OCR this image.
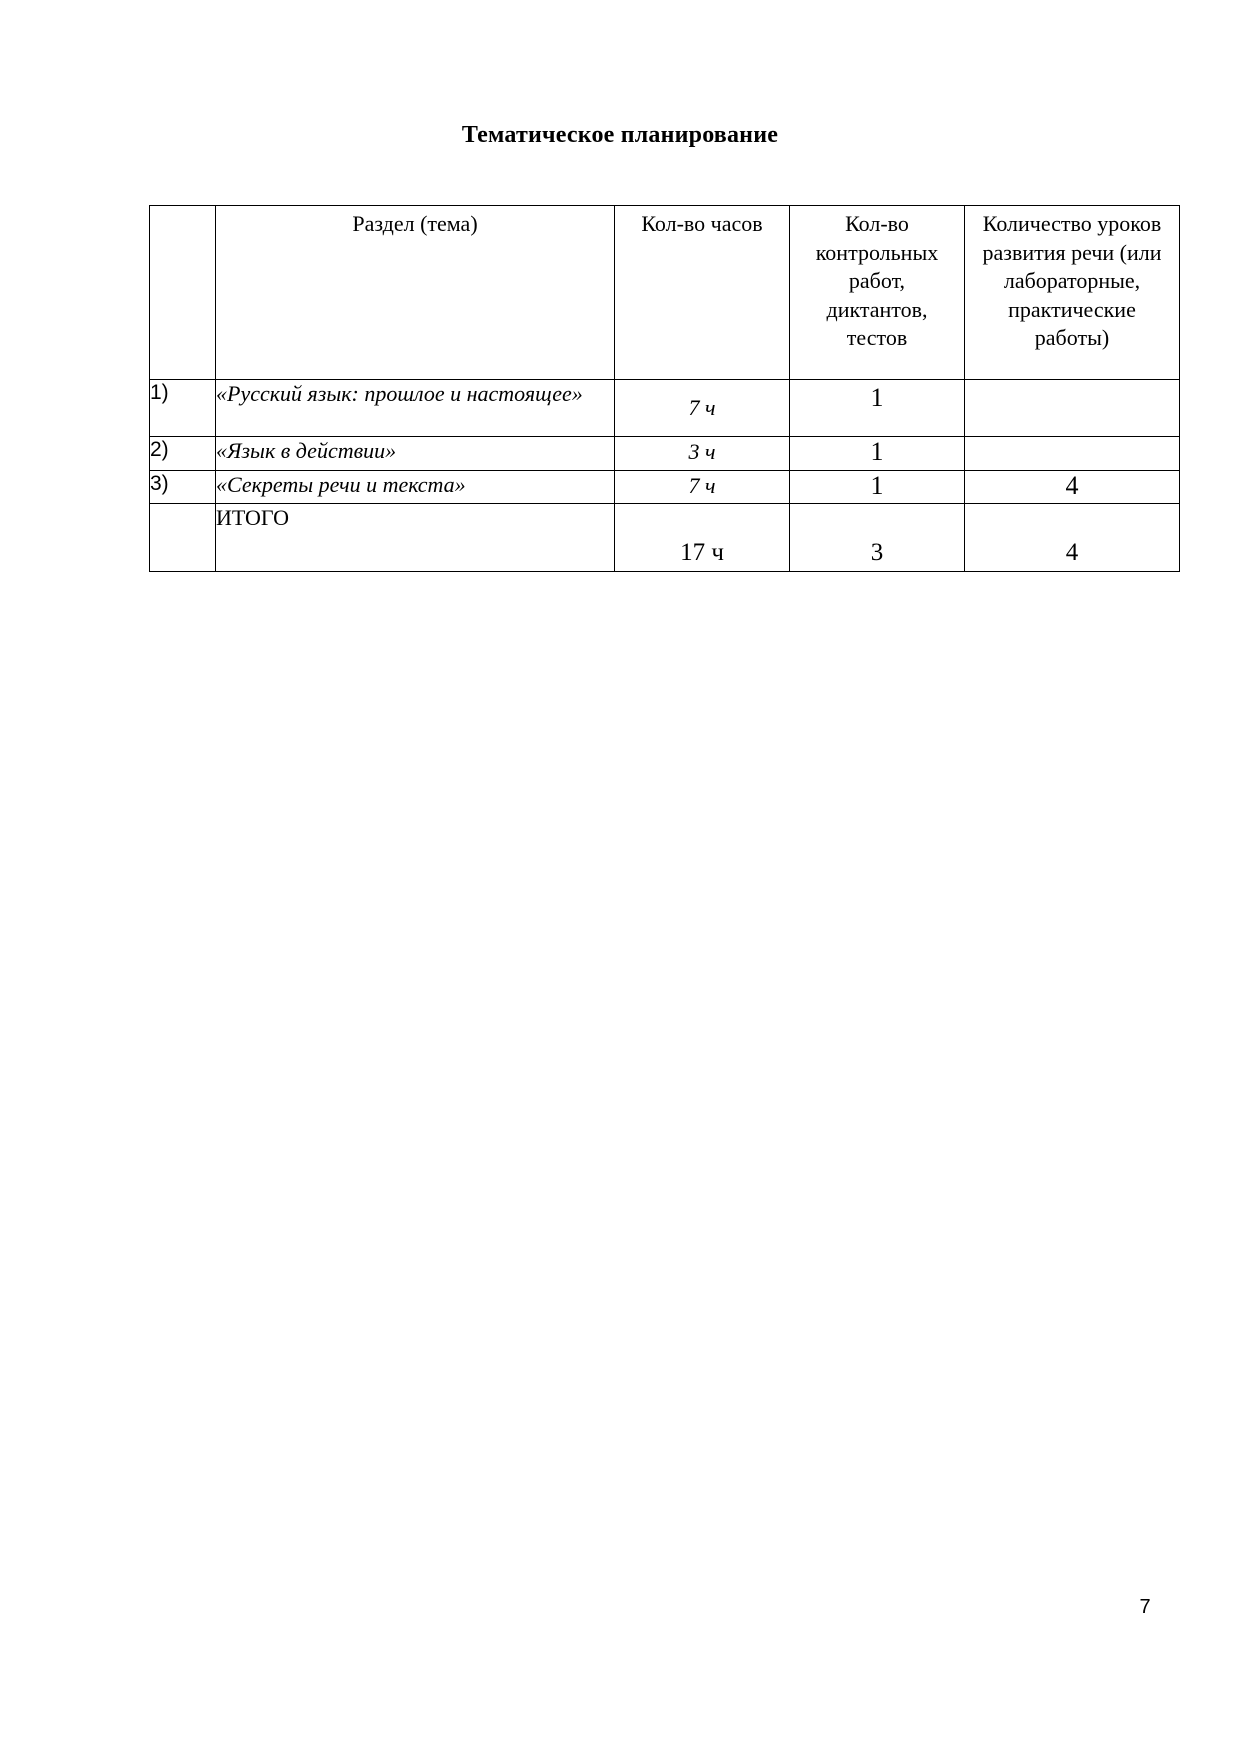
Тематическое планирование

	Раздел (тема)	Кол-во часов	Кол-во контрольных работ, диктантов, тестов	Количество уроков развития речи (или лабораторные, практические работы)

1)	«Русский язык: прошлое и настоящее»	7 ч	1	
2)	«Язык в действии»	3 ч	1	
3)	«Секреты речи и текста»	7 ч	1	4
	ИТОГО	17 ч	3	4
7
